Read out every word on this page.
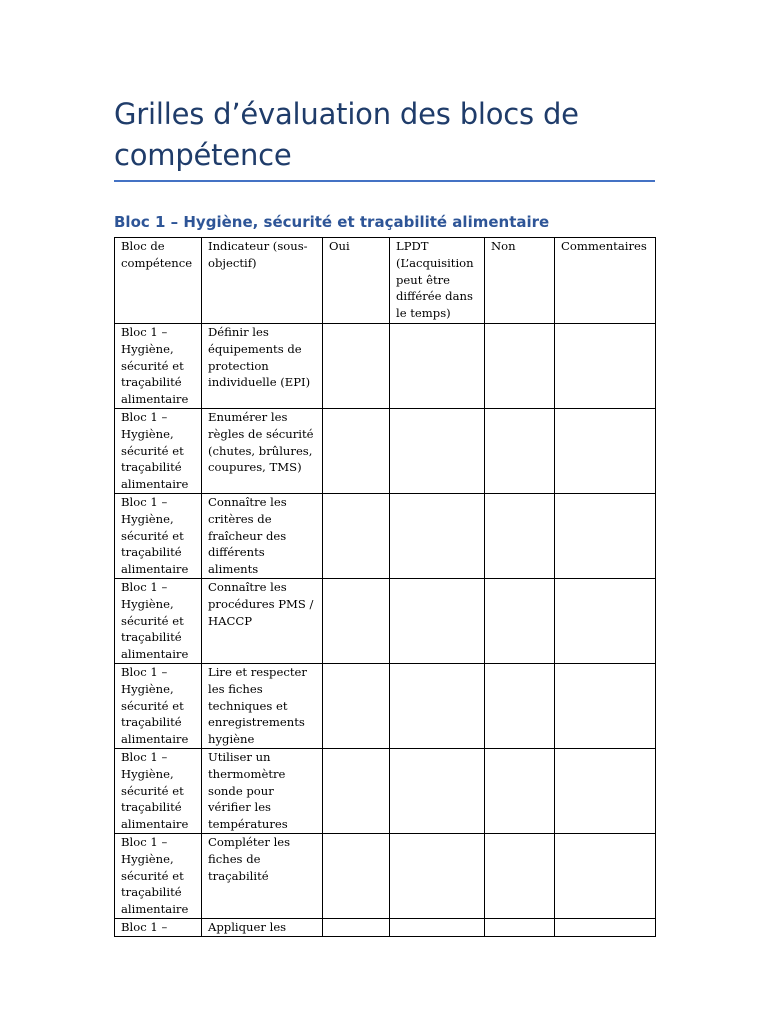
Grilles d’évaluation des blocs de compétence
Bloc 1 – Hygiène, sécurité et traçabilité alimentaire
Bloc de compétence	Indicateur (sous-objectif)	Oui	LPDT (L’acquisition peut être différée dans le temps)	Non	Commentaires
Bloc 1 – Hygiène, sécurité et traçabilité alimentaire	Définir les équipements de protection individuelle (EPI)				
Bloc 1 – Hygiène, sécurité et traçabilité alimentaire	Enumérer les règles de sécurité (chutes, brûlures, coupures, TMS)				
Bloc 1 – Hygiène, sécurité et traçabilité alimentaire	Connaître les critères de fraîcheur des différents aliments				
Bloc 1 – Hygiène, sécurité et traçabilité alimentaire	Connaître les procédures PMS / HACCP				
Bloc 1 – Hygiène, sécurité et traçabilité alimentaire	Lire et respecter les fiches techniques et enregistrements hygiène				
Bloc 1 – Hygiène, sécurité et traçabilité alimentaire	Utiliser un thermomètre sonde pour vérifier les températures				
Bloc 1 – Hygiène, sécurité et traçabilité alimentaire	Compléter les fiches de traçabilité				
Bloc 1 –	Appliquer les				
